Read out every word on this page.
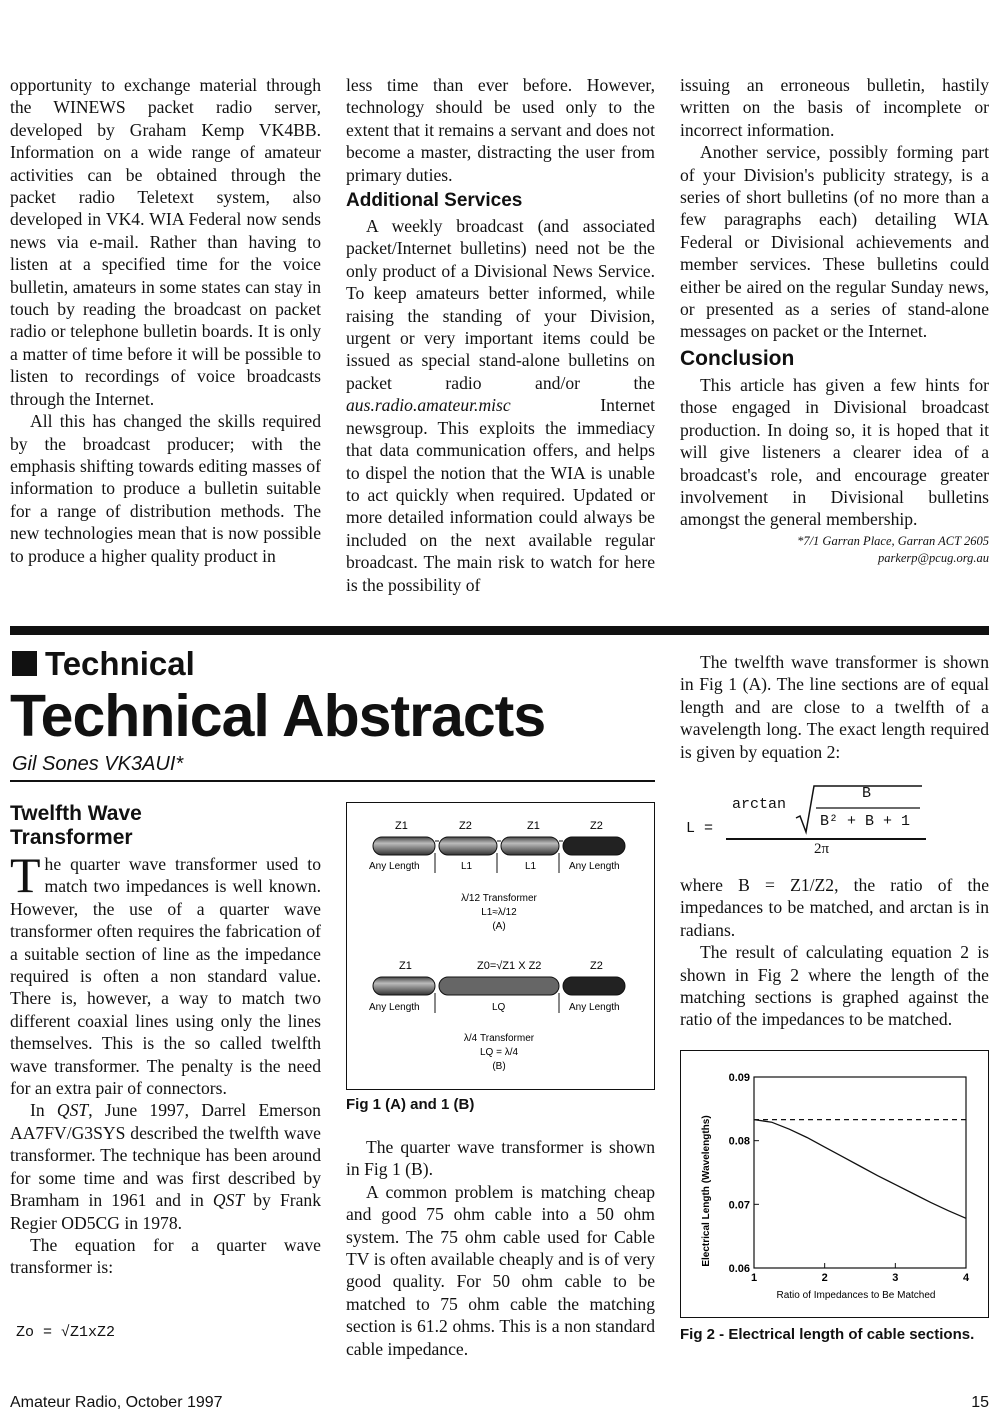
opportunity to exchange material through the WINEWS packet radio server, developed by Graham Kemp VK4BB. Information on a wide range of amateur activities can be obtained through the packet radio Teletext system, also developed in VK4. WIA Federal now sends news via e-mail. Rather than having to listen at a specified time for the voice bulletin, amateurs in some states can stay in touch by reading the broadcast on packet radio or telephone bulletin boards. It is only a matter of time before it will be possible to listen to recordings of voice broadcasts through the Internet.

All this has changed the skills required by the broadcast producer; with the emphasis shifting towards editing masses of information to produce a bulletin suitable for a range of distribution methods. The new technologies mean that is now possible to produce a higher quality product in

less time than ever before. However, technology should be used only to the extent that it remains a servant and does not become a master, distracting the user from primary duties.

Additional Services

A weekly broadcast (and associated packet/Internet bulletins) need not be the only product of a Divisional News Service. To keep amateurs better informed, while raising the standing of your Division, urgent or very important items could be issued as special stand-alone bulletins on packet radio and/or the aus.radio.amateur.misc Internet newsgroup. This exploits the immediacy that data communication offers, and helps to dispel the notion that the WIA is unable to act quickly when required. Updated or more detailed information could always be included on the next available regular broadcast. The main risk to watch for here is the possibility of

issuing an erroneous bulletin, hastily written on the basis of incomplete or incorrect information.

Another service, possibly forming part of your Division's publicity strategy, is a series of short bulletins (of no more than a few paragraphs each) detailing WIA Federal or Divisional achievements and member services. These bulletins could either be aired on the regular Sunday news, or presented as a series of stand-alone messages on packet or the Internet.

Conclusion

This article has given a few hints for those engaged in Divisional broadcast production. In doing so, it is hoped that it will give listeners a clearer idea of a broadcast's role, and encourage greater involvement in Divisional bulletins amongst the general membership.

*7/1 Garran Place, Garran ACT 2605
parkerp@pcug.org.au
Technical
Technical Abstracts
Gil Sones VK3AUI*
Twelfth Wave Transformer

The quarter wave transformer used to match two impedances is well known. However, the use of a quarter wave transformer often requires the fabrication of a suitable section of line as the impedance required is often a non standard value. There is, however, a way to match two different coaxial lines using only the lines themselves. This is the so called twelfth wave transformer. The penalty is the need for an extra pair of connectors.

In QST, June 1997, Darrel Emerson AA7FV/G3SYS described the twelfth wave transformer. The technique has been around for some time and was first described by Bramham in 1961 and in QST by Frank Regier OD5CG in 1978.

The equation for a quarter wave transformer is:

Zo = √Z1xZ2
Z1	Z2	Z1	Z2
Any Length	L1	L1	Any Length
λ/12 Transformer
L1≈λ/12
(A)
Z1	Z0=√Z1 X Z2	Z2
Any Length	LQ	Any Length
λ/4 Transformer
LQ = λ/4
(B)
Fig 1 (A) and 1 (B)

The quarter wave transformer is shown in Fig 1 (B).

A common problem is matching cheap and good 75 ohm cable into a 50 ohm system. The 75 ohm cable used for Cable TV is often available cheaply and is of very good quality. For 50 ohm cable to be matched to 75 ohm cable the matching section is 61.2 ohms. This is a non standard cable impedance.

The twelfth wave transformer is shown in Fig 1 (A). The line sections are of equal length and are close to a twelfth of a wavelength long. The exact length required is given by equation 2:

L =
arctan
B
B² + B + 1
2π

where B = Z1/Z2, the ratio of the impedances to be matched, and arctan is in radians.

The result of calculating equation 2 is shown in Fig 2 where the length of the matching sections is graphed against the ratio of the impedances to be matched.

Electrical Length (Wavelengths)
Ratio of Impedances to Be Matched
1	2	3	4
0.06
0.07
0.08
0.09
Fig 2 - Electrical length of cable sections.
Amateur Radio, October 1997	15
